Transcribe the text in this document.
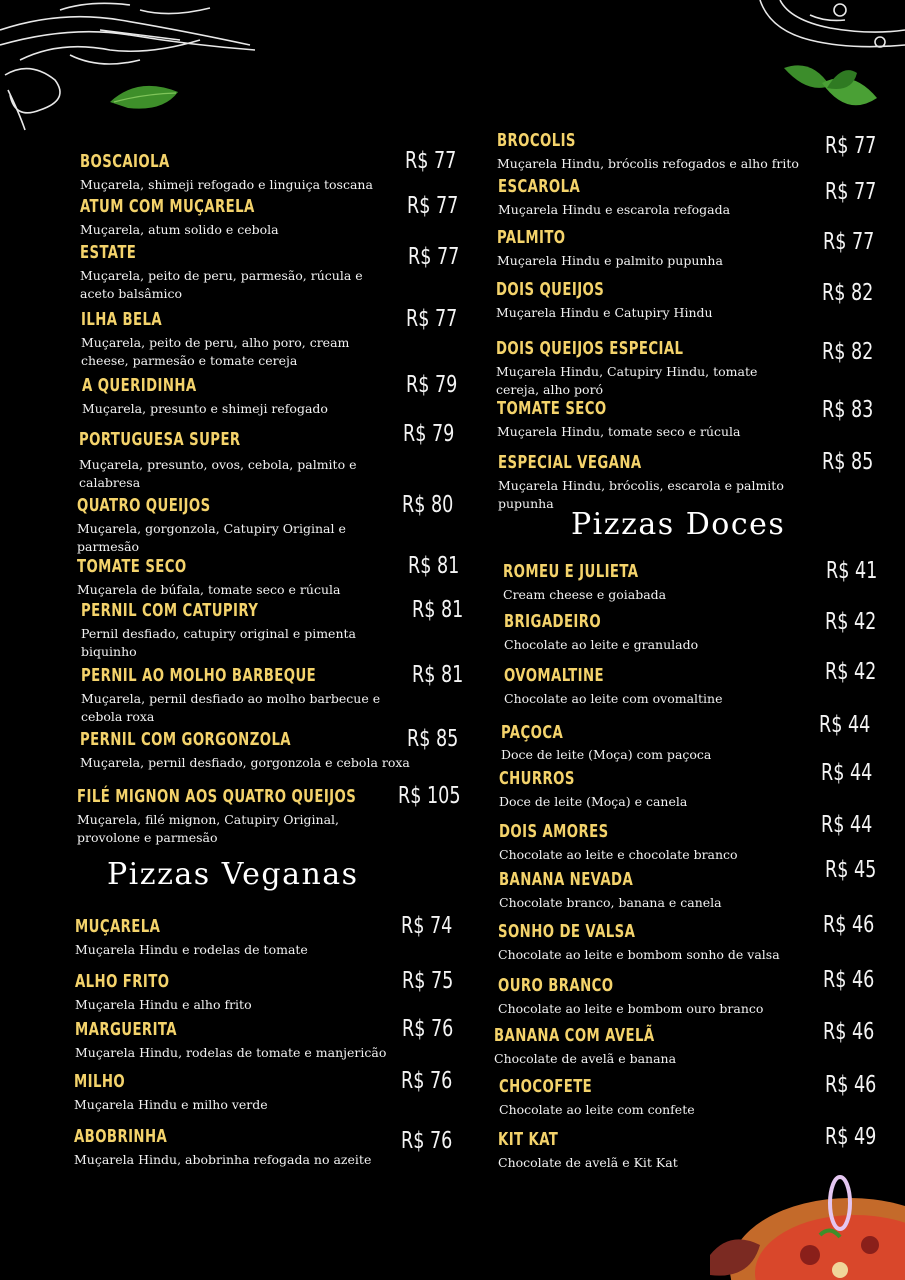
Pizzas Veganas
Pizzas Doces
BOSCAIOLA	R$ 77
Muçarela, shimeji refogado e linguiça toscana
ATUM COM MUÇARELA	R$ 77
Muçarela, atum solido e cebola
ESTATE	R$ 77
Muçarela, peito de peru, parmesão, rúcula e aceto balsâmico
ILHA BELA	R$ 77
Muçarela, peito de peru, alho poro, cream cheese, parmesão e tomate cereja
A QUERIDINHA	R$ 79
Muçarela, presunto e shimeji refogado
PORTUGUESA SUPER	R$ 79
Muçarela, presunto, ovos, cebola, palmito e calabresa
QUATRO QUEIJOS	R$ 80
Muçarela, gorgonzola, Catupiry Original e parmesão
TOMATE SECO	R$ 81
Muçarela de búfala, tomate seco e rúcula
PERNIL COM CATUPIRY	R$ 81
Pernil desfiado, catupiry original e pimenta biquinho
PERNIL AO MOLHO BARBEQUE	R$ 81
Muçarela, pernil desfiado ao molho barbecue e cebola roxa
PERNIL COM GORGONZOLA	R$ 85
Muçarela, pernil desfiado, gorgonzola e cebola roxa
FILÉ MIGNON AOS QUATRO QUEIJOS R$ 105
Muçarela, filé mignon, Catupiry Original, provolone e parmesão
MUÇARELA	R$ 74
Muçarela Hindu e rodelas de tomate
ALHO FRITO	R$ 75
Muçarela Hindu e alho frito
MARGUERITA	R$ 76
Muçarela Hindu, rodelas de tomate e manjericão
MILHO	R$ 76
Muçarela Hindu e milho verde
ABOBRINHA	R$ 76
Muçarela Hindu, abobrinha refogada no azeite
BROCOLIS	R$ 77
Muçarela Hindu, brócolis refogados e alho frito
ESCAROLA	R$ 77
Muçarela Hindu e escarola refogada
PALMITO	R$ 77
Muçarela Hindu e palmito pupunha
DOIS QUEIJOS	R$ 82
Muçarela Hindu e Catupiry Hindu
DOIS QUEIJOS ESPECIAL	R$ 82
Muçarela Hindu, Catupiry Hindu, tomate cereja, alho poró
TOMATE SECO	R$ 83
Muçarela Hindu, tomate seco e rúcula
ESPECIAL VEGANA	R$ 85
Muçarela Hindu, brócolis, escarola e palmito pupunha
ROMEU E JULIETA	R$ 41
Cream cheese e goiabada
BRIGADEIRO	R$ 42
Chocolate ao leite e granulado
OVOMALTINE	R$ 42
Chocolate ao leite com ovomaltine
PAÇOCA	R$ 44
Doce de leite (Moça) com paçoca
CHURROS	R$ 44
Doce de leite (Moça) e canela
DOIS AMORES	R$ 44
Chocolate ao leite e chocolate branco
BANANA NEVADA	R$ 45
Chocolate branco, banana e canela
SONHO DE VALSA	R$ 46
Chocolate ao leite e bombom sonho de valsa
OURO BRANCO	R$ 46
Chocolate ao leite e bombom ouro branco
BANANA COM AVELÃ	R$ 46
Chocolate de avelã e banana
CHOCOFETE	R$ 46
Chocolate ao leite com confete
KIT KAT	R$ 49
Chocolate de avelã e Kit Kat
